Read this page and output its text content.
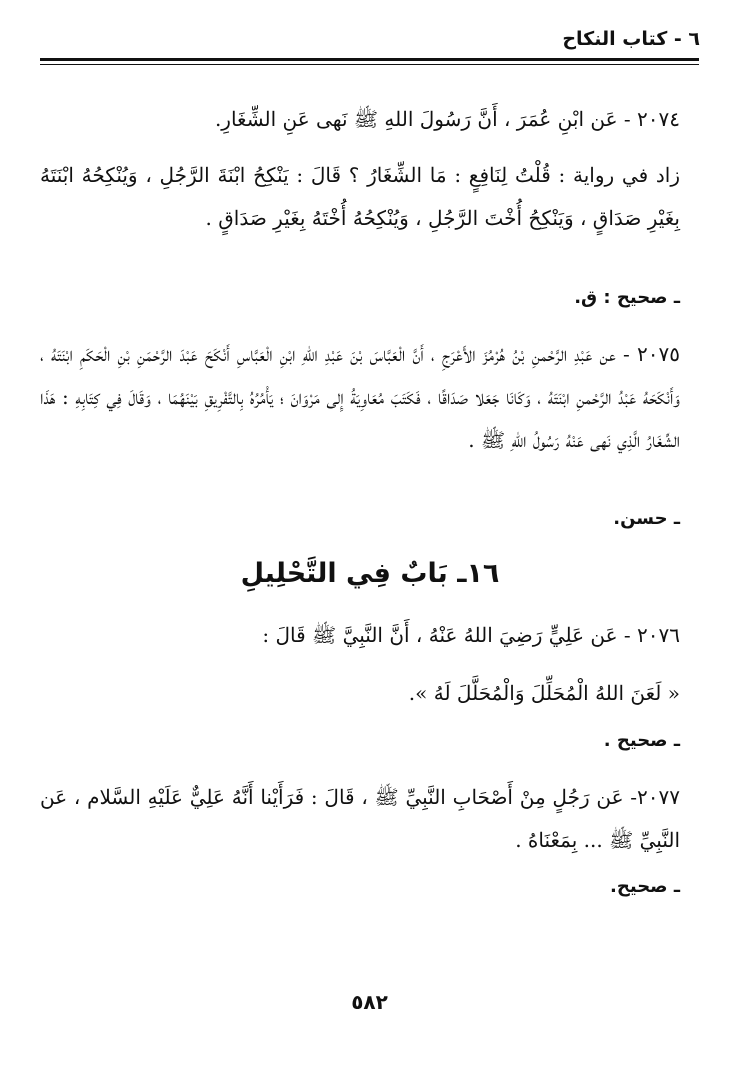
٦ - كتاب النكاح
٢٠٧٤ - عَن ابْنِ عُمَرَ ، أَنَّ رَسُولَ اللهِ ﷺ نَهى عَنِ الشِّغَارِ.
زاد في رواية : قُلْتُ لِنَافِعٍ : مَا الشِّغَارُ ؟ قَالَ : يَنْكِحُ ابْنَةَ الرَّجُلِ ، وَيُنْكِحُهُ ابْنَتَهُ بِغَيْرِ صَدَاقٍ ، وَيَنْكِحُ أُخْتَ الرَّجُلِ ، وَيُنْكِحُهُ أُخْتَهُ بِغَيْرِ صَدَاقٍ .
ـ صحيح : ق.
٢٠٧٥ - عن عَبْدِ الرَّحْمنِ بْنُ هُرْمُزَ الأَعْرَجِ ، أَنَّ الْعَبَّاسَ بْنَ عَبْدِ اللهِ ابْنِ الْعَبَّاسِ أَنْكَحَ عَبْدَ الرَّحْمَنِ بْنِ الْحَكَمِ ابْنَتَهُ ، وَأَنْكَحَهُ عَبْدُ الرَّحْمنِ ابْنَتَهُ ، وَكَانَا جَعَلا صَدَاقًا ، فَكَتَبَ مُعَاوِيَةُ إِلى مَرْوَانَ ؛ يَأْمُرُهُ بِالتَّفْرِيقِ بَيْنَهُمَا ، وَقَالَ فِي كِتَابِهِ : هَذَا الشِّغَارُ الَّذِي نَهى عَنْهُ رَسُولُ اللهِ ﷺ .
ـ حسن.
١٦ـ بَابٌ فِي التَّحْلِيلِ
٢٠٧٦ - عَن عَلِيٍّ رَضِيَ اللهُ عَنْهُ ، أَنَّ النَّبِيَّ ﷺ قَالَ :
« لَعَنَ اللهُ الْمُحَلِّلَ وَالْمُحَلَّلَ لَهُ ».
ـ صحيح .
٢٠٧٧- عَن رَجُلٍ مِنْ أَصْحَابِ النَّبِيِّ ﷺ ، قَالَ : فَرَأَيْنا أَنَّهُ عَلِيٌّ عَلَيْهِ السَّلام ، عَن النَّبِيِّ ﷺ ... بِمَعْنَاهُ .
ـ صحيح.
٥٨٢
